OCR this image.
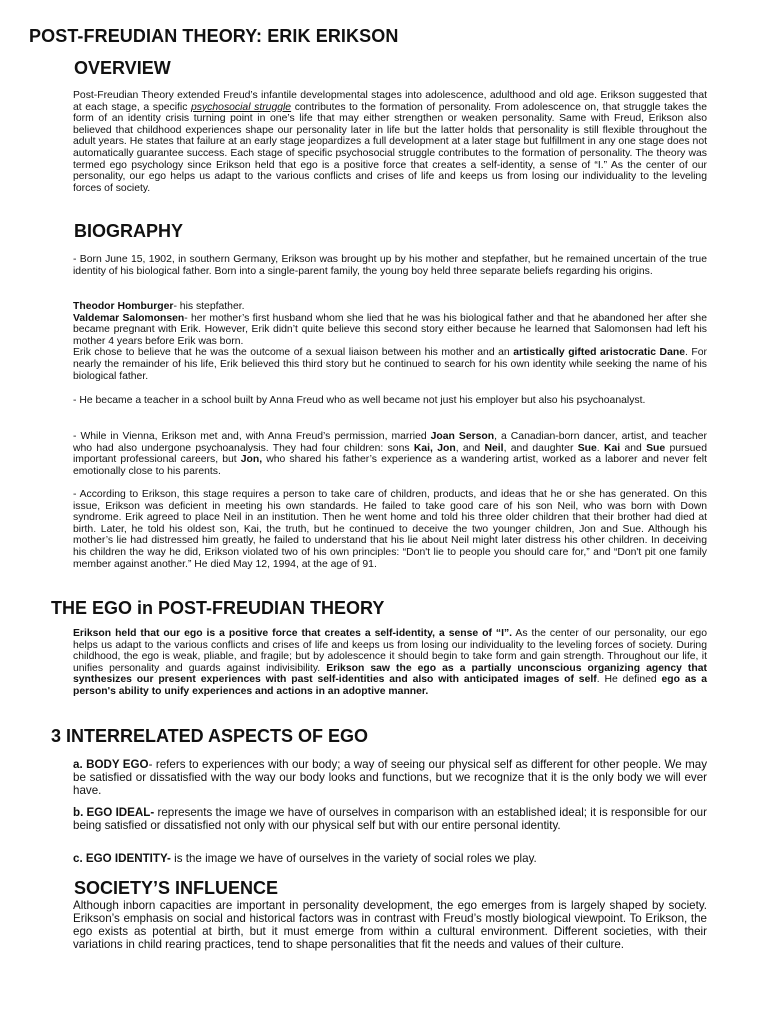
POST-FREUDIAN THEORY: ERIK ERIKSON
OVERVIEW

Post-Freudian Theory extended Freud’s infantile developmental stages into adolescence, adulthood and old age. Erikson suggested that at each stage, a specific psychosocial struggle contributes to the formation of personality. From adolescence on, that struggle takes the form of an identity crisis turning point in one’s life that may either strengthen or weaken personality. Same with Freud, Erikson also believed that childhood experiences shape our personality later in life but the latter holds that personality is still flexible throughout the adult years. He states that failure at an early stage jeopardizes a full development at a later stage but fulfillment in any one stage does not automatically guarantee success. Each stage of specific psychosocial struggle contributes to the formation of personality. The theory was termed ego psychology since Erikson held that ego is a positive force that creates a self-identity, a sense of “I.” As the center of our personality, our ego helps us adapt to the various conflicts and crises of life and keeps us from losing our individuality to the leveling forces of society.

BIOGRAPHY

- Born June 15, 1902, in southern Germany, Erikson was brought up by his mother and stepfather, but he remained uncertain of the true identity of his biological father. Born into a single-parent family, the young boy held three separate beliefs regarding his origins.

Theodor Homburger- his stepfather.

Valdemar Salomonsen- her mother’s first husband whom she lied that he was his biological father and that he abandoned her after she became pregnant with Erik. However, Erik didn’t quite believe this second story either because he learned that Salomonsen had left his mother 4 years before Erik was born.

Erik chose to believe that he was the outcome of a sexual liaison between his mother and an artistically gifted aristocratic Dane. For nearly the remainder of his life, Erik believed this third story but he continued to search for his own identity while seeking the name of his biological father.

- He became a teacher in a school built by Anna Freud who as well became not just his employer but also his psychoanalyst.

- While in Vienna, Erikson met and, with Anna Freud’s permission, married Joan Serson, a Canadian-born dancer, artist, and teacher who had also undergone psychoanalysis. They had four children: sons Kai, Jon, and Neil, and daughter Sue. Kai and Sue pursued important professional careers, but Jon, who shared his father’s experience as a wandering artist, worked as a laborer and never felt emotionally close to his parents.

- According to Erikson, this stage requires a person to take care of children, products, and ideas that he or she has generated. On this issue, Erikson was deficient in meeting his own standards. He failed to take good care of his son Neil, who was born with Down syndrome. Erik agreed to place Neil in an institution. Then he went home and told his three older children that their brother had died at birth. Later, he told his oldest son, Kai, the truth, but he continued to deceive the two younger children, Jon and Sue. Although his mother’s lie had distressed him greatly, he failed to understand that his lie about Neil might later distress his other children. In deceiving his children the way he did, Erikson violated two of his own principles: “Don't lie to people you should care for,” and “Don't pit one family member against another.” He died May 12, 1994, at the age of 91.

THE EGO in POST-FREUDIAN THEORY

Erikson held that our ego is a positive force that creates a self-identity, a sense of “I”. As the center of our personality, our ego helps us adapt to the various conflicts and crises of life and keeps us from losing our individuality to the leveling forces of society. During childhood, the ego is weak, pliable, and fragile; but by adolescence it should begin to take form and gain strength. Throughout our life, it unifies personality and guards against indivisibility. Erikson saw the ego as a partially unconscious organizing agency that synthesizes our present experiences with past self-identities and also with anticipated images of self. He defined ego as a person's ability to unify experiences and actions in an adoptive manner.

3 INTERRELATED ASPECTS OF EGO

a. BODY EGO- refers to experiences with our body; a way of seeing our physical self as different for other people. We may be satisfied or dissatisfied with the way our body looks and functions, but we recognize that it is the only body we will ever have.

b. EGO IDEAL- represents the image we have of ourselves in comparison with an established ideal; it is responsible for our being satisfied or dissatisfied not only with our physical self but with our entire personal identity.

c. EGO IDENTITY- is the image we have of ourselves in the variety of social roles we play.

SOCIETY’S INFLUENCE

Although inborn capacities are important in personality development, the ego emerges from is largely shaped by society. Erikson’s emphasis on social and historical factors was in contrast with Freud’s mostly biological viewpoint. To Erikson, the ego exists as potential at birth, but it must emerge from within a cultural environment. Different societies, with their variations in child rearing practices, tend to shape personalities that fit the needs and values of their culture.
